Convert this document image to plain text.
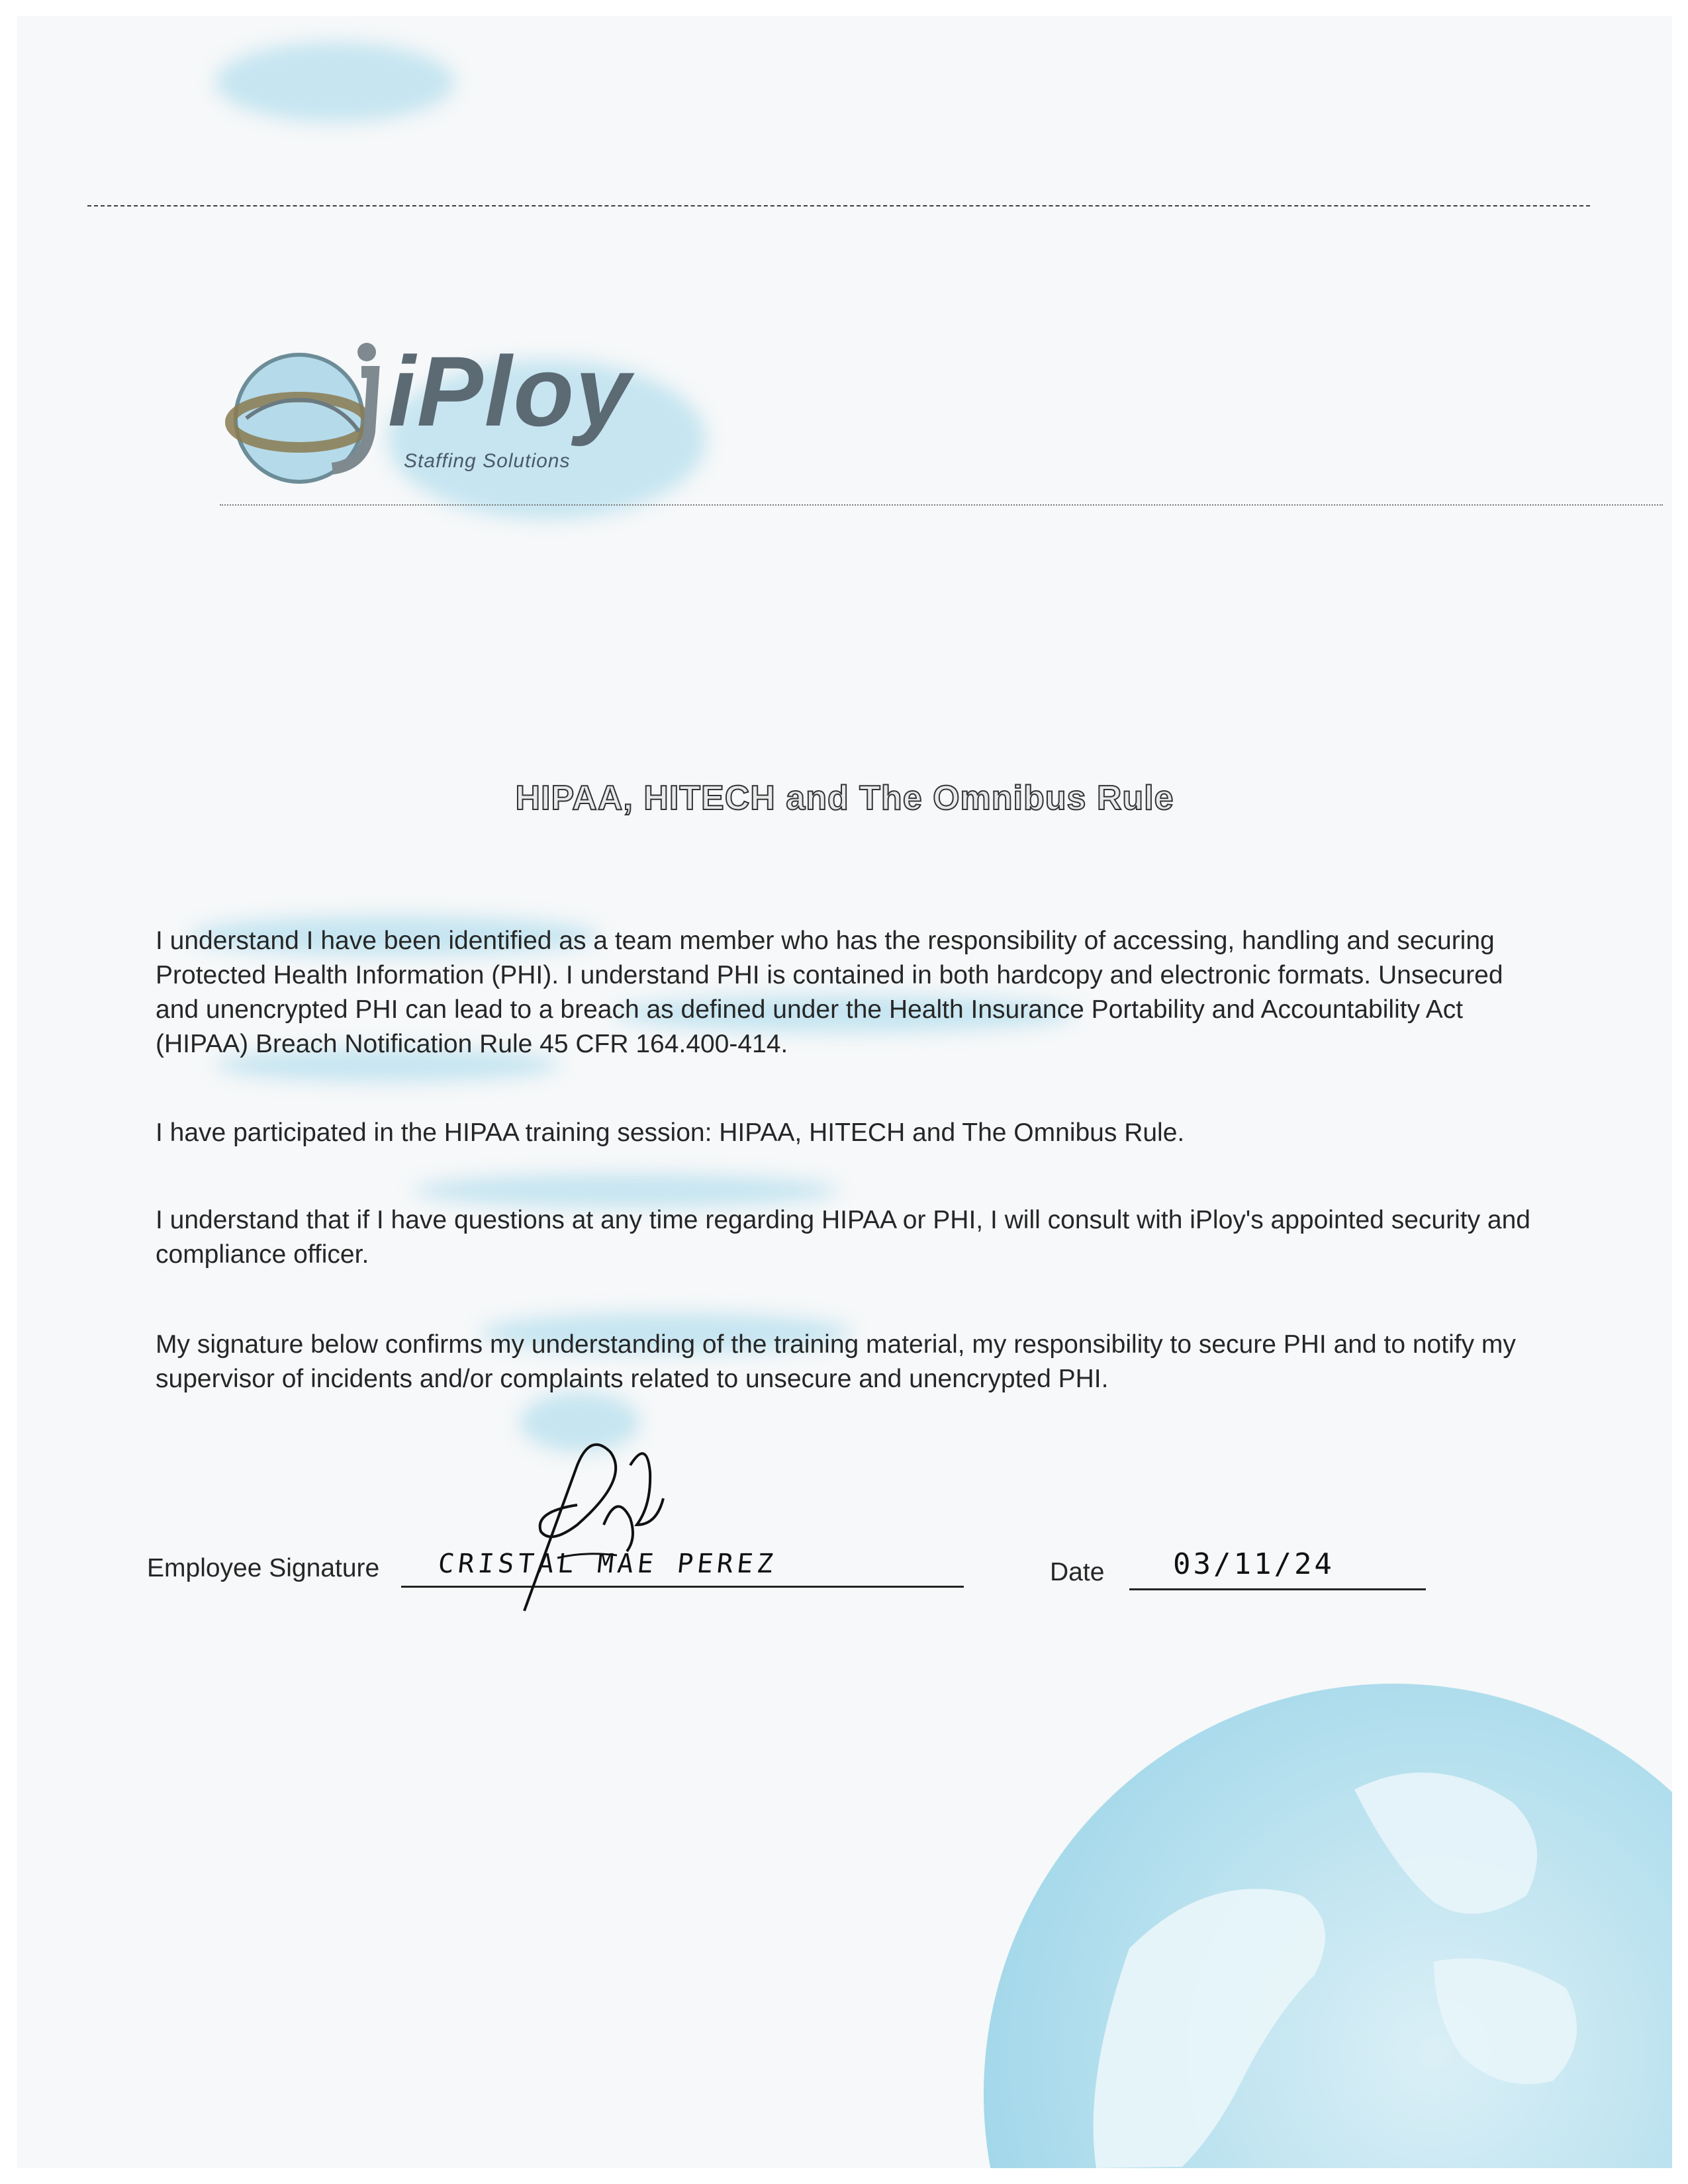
iPloy
Staffing Solutions
HIPAA, HITECH and The Omnibus Rule
I understand I have been identified as a team member who has the responsibility of accessing, handling and securing
Protected Health Information (PHI). I understand PHI is contained in both hardcopy and electronic formats. Unsecured
and unencrypted PHI can lead to a breach as defined under the Health Insurance Portability and Accountability Act
(HIPAA) Breach Notification Rule 45 CFR 164.400-414.
I have participated in the HIPAA training session: HIPAA, HITECH and The Omnibus Rule.
I understand that if I have questions at any time regarding HIPAA or PHI, I will consult with iPloy's appointed security and
compliance officer.
My signature below confirms my understanding of the training material, my responsibility to secure PHI and to notify my
supervisor of incidents and/or complaints related to unsecure and unencrypted PHI.
Employee Signature CRISTAL MAE PEREZ	Date 03/11/24
